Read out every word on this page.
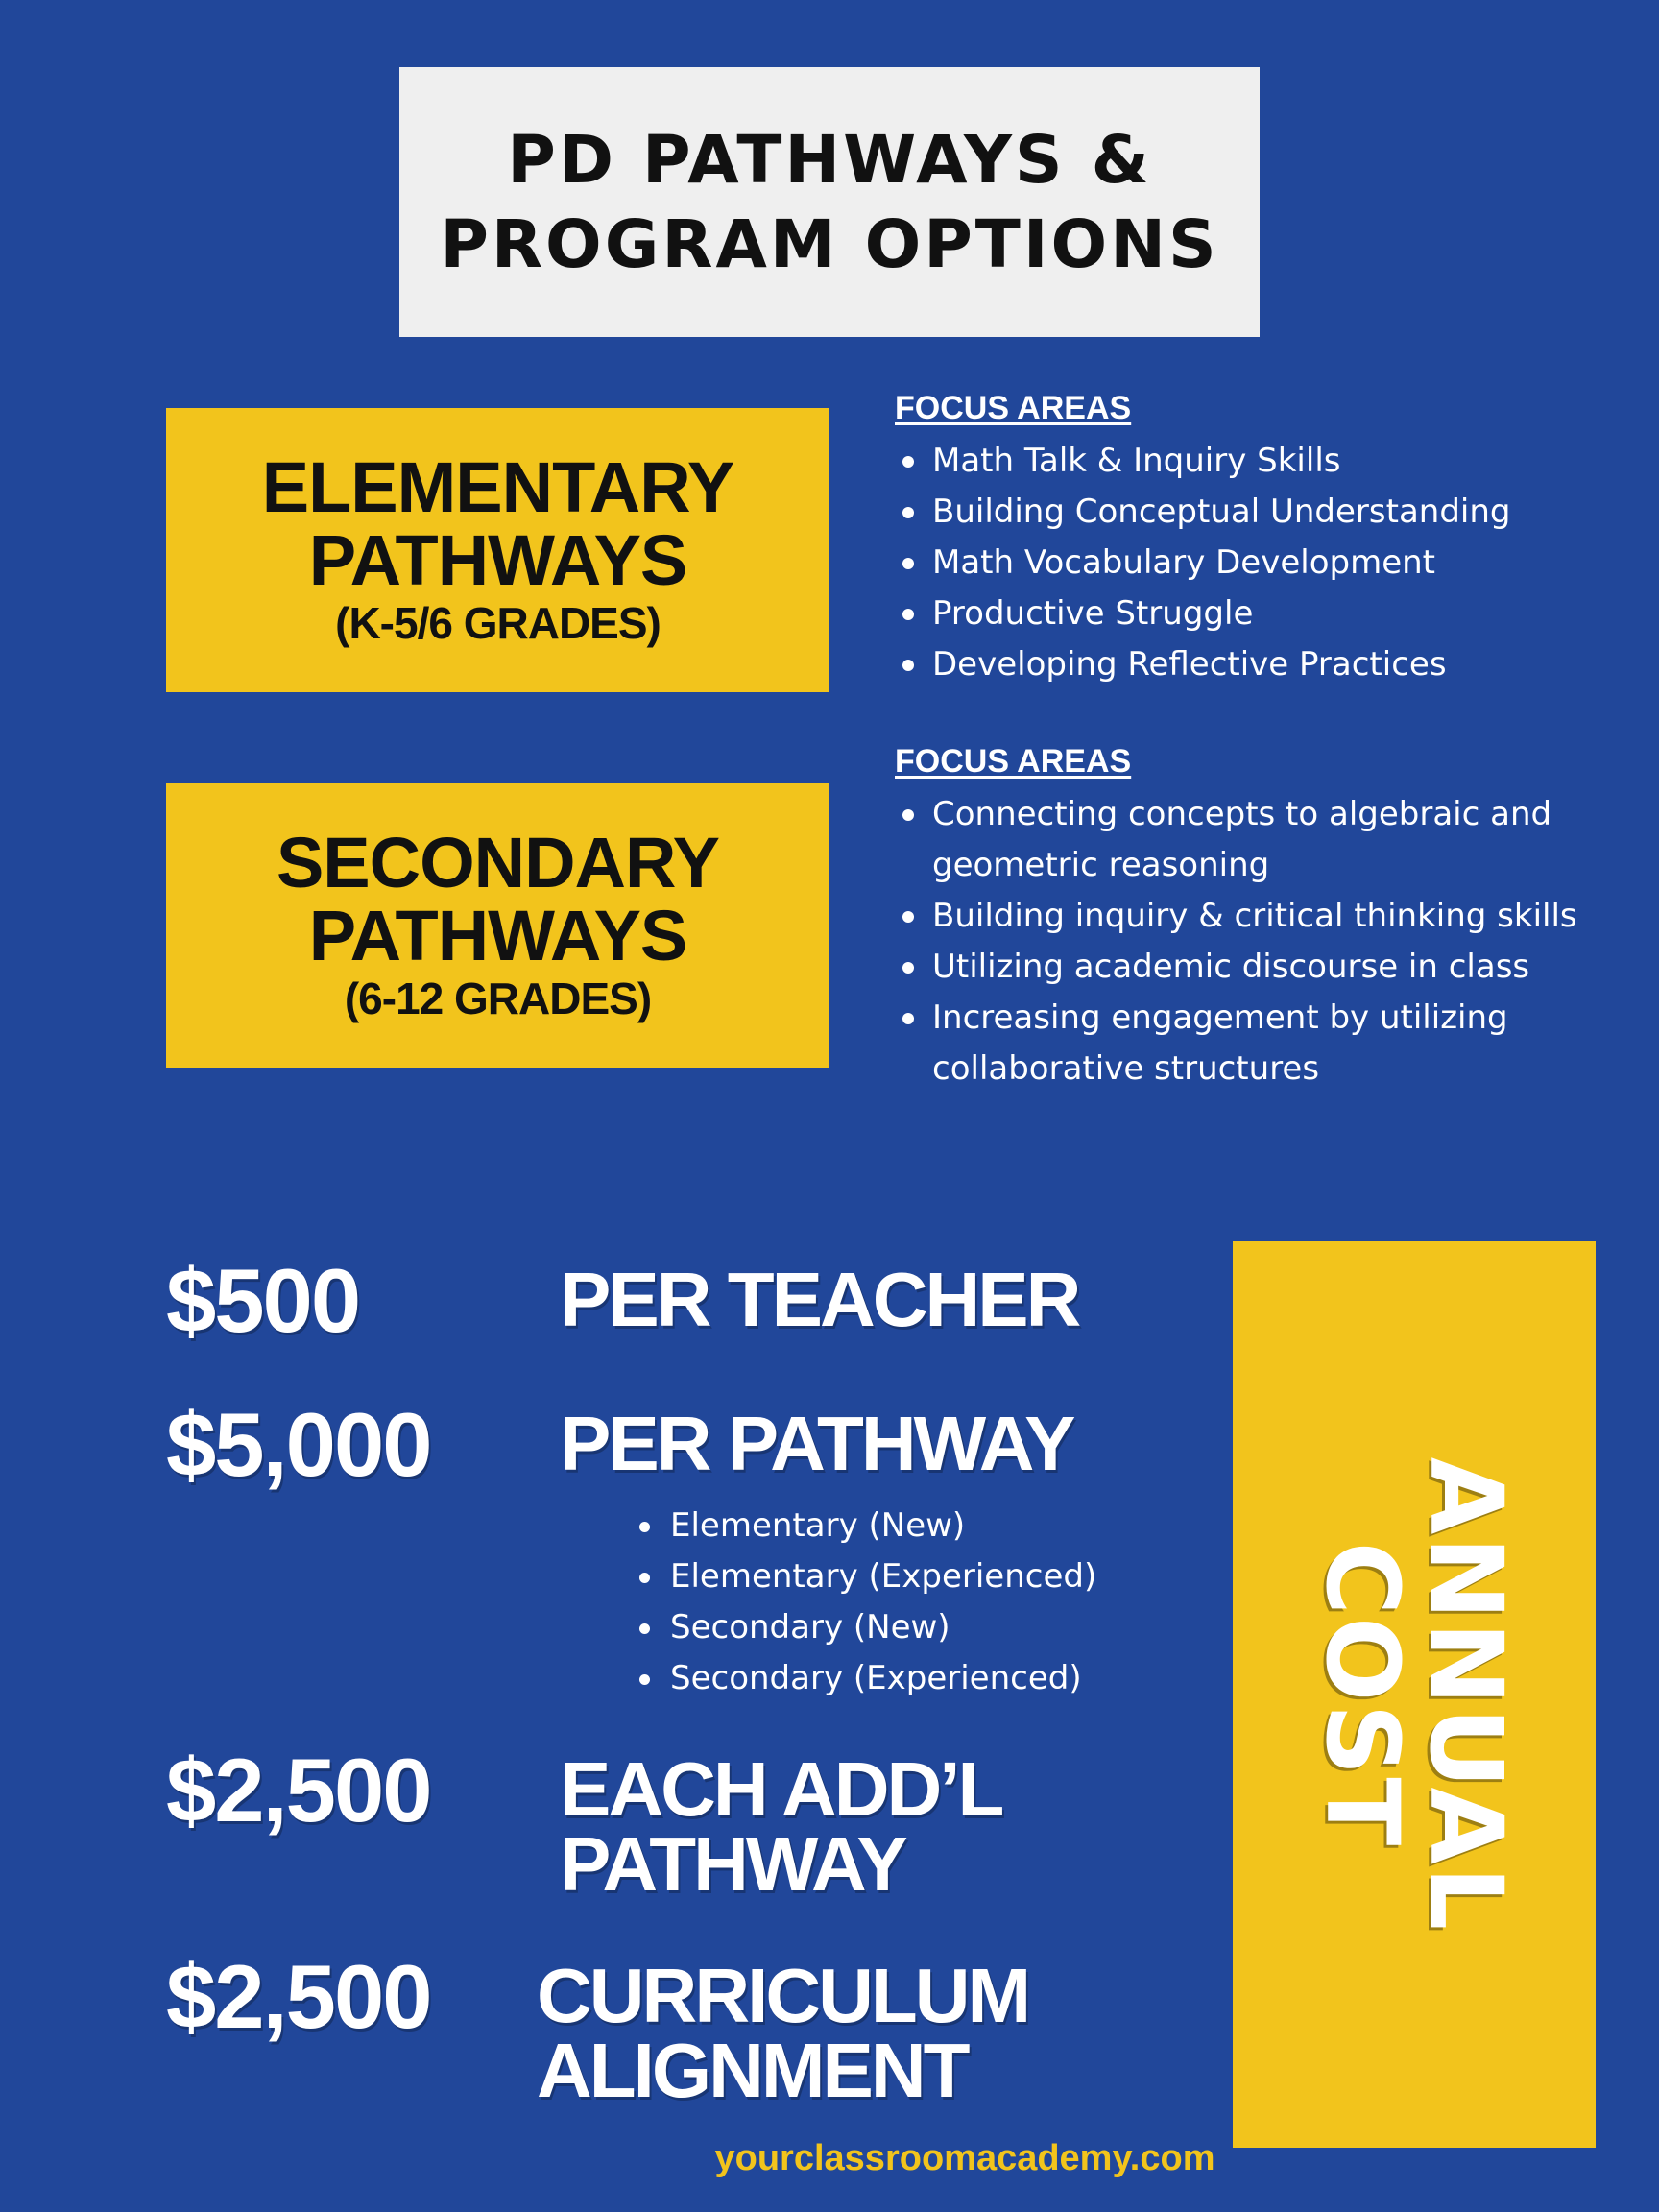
PD PATHWAYS &
PROGRAM OPTIONS
ELEMENTARY
PATHWAYS
(K-5/6 GRADES)
FOCUS AREAS
Math Talk & Inquiry Skills
Building Conceptual Understanding
Math Vocabulary Development
Productive Struggle
Developing Reflective Practices
SECONDARY
PATHWAYS
(6-12 GRADES)
FOCUS AREAS
Connecting concepts to algebraic and
geometric reasoning
Building inquiry & critical thinking skills
Utilizing academic discourse in class
Increasing engagement by utilizing
collaborative structures
$500	PER TEACHER
$5,000	PER PATHWAY
Elementary (New)
Elementary (Experienced)
Secondary (New)
Secondary (Experienced)
$2,500	EACH ADD’L
PATHWAY
$2,500	CURRICULUM
ALIGNMENT
ANNUAL
COST
yourclassroomacademy.com
